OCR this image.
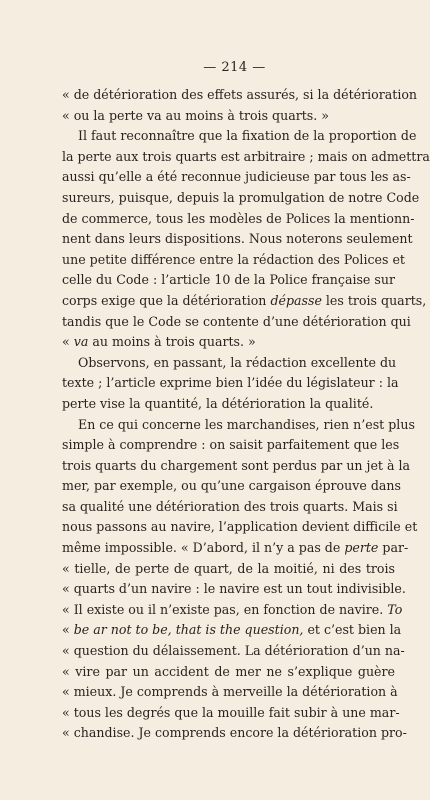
— 214 —
« de détérioration des effets assurés, si la détérioration
« ou la perte va au moins à trois quarts. »
Il faut reconnaître que la fixation de la proportion de
la perte aux trois quarts est arbitraire ; mais on admettra
aussi qu’elle a été reconnue judicieuse par tous les as-
sureurs, puisque, depuis la promulgation de notre Code
de commerce, tous les modèles de Polices la mentionn-
nent dans leurs dispositions. Nous noterons seulement
une petite différence entre la rédaction des Polices et
celle du Code : l’article 10 de la Police française sur
corps exige que la détérioration dépasse les trois quarts,
tandis que le Code se contente d’une détérioration qui
« va au moins à trois quarts. »
Observons, en passant, la rédaction excellente du
texte ; l’article exprime bien l’idée du législateur : la
perte vise la quantité, la détérioration la qualité.
En ce qui concerne les marchandises, rien n’est plus
simple à comprendre : on saisit parfaitement que les
trois quarts du chargement sont perdus par un jet à la
mer, par exemple, ou qu’une cargaison éprouve dans
sa qualité une détérioration des trois quarts. Mais si
nous passons au navire, l’application devient difficile et
même impossible. « D’abord, il n’y a pas de perte par-
« tielle, de perte de quart, de la moitié, ni des trois
« quarts d’un navire : le navire est un tout indivisible.
« Il existe ou il n’existe pas, en fonction de navire. To
« be ar not to be, that is the question, et c’est bien la
« question du délaissement. La détérioration d’un na-
« vire par un accident de mer ne s’explique guère
« mieux. Je comprends à merveille la détérioration à
« tous les degrés que la mouille fait subir à une mar-
« chandise. Je comprends encore la détérioration pro-
